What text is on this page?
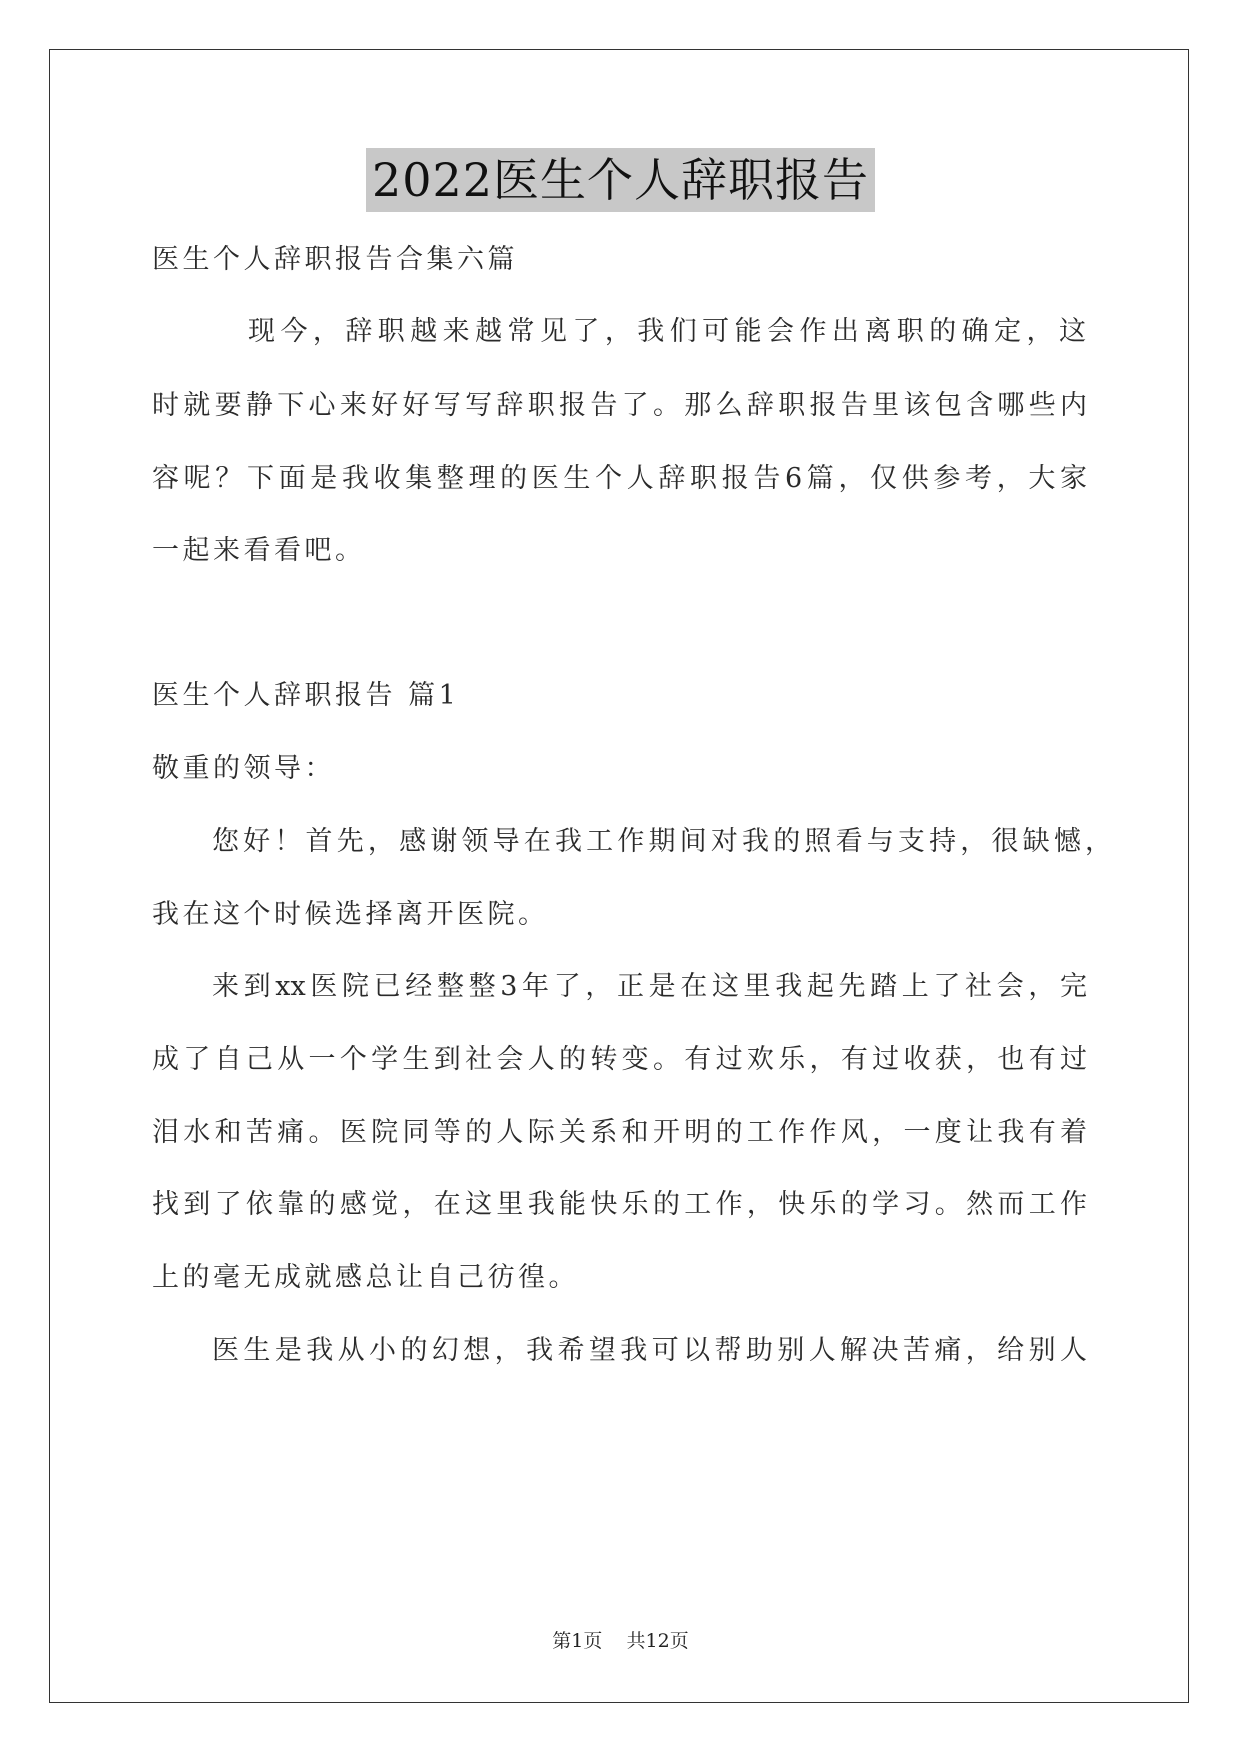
2022医生个人辞职报告
医生个人辞职报告合集六篇
现今，辞职越来越常见了，我们可能会作出离职的确定，这
时就要静下心来好好写写辞职报告了。那么辞职报告里该包含哪些内
容呢？下面是我收集整理的医生个人辞职报告6篇，仅供参考，大家
一起来看看吧。
医生个人辞职报告 篇1
敬重的领导：
您好！首先，感谢领导在我工作期间对我的照看与支持，很缺憾，
我在这个时候选择离开医院。
来到xx医院已经整整3年了，正是在这里我起先踏上了社会，完
成了自己从一个学生到社会人的转变。有过欢乐，有过收获，也有过
泪水和苦痛。医院同等的人际关系和开明的工作作风，一度让我有着
找到了依靠的感觉，在这里我能快乐的工作，快乐的学习。然而工作
上的毫无成就感总让自己彷徨。
医生是我从小的幻想，我希望我可以帮助别人解决苦痛，给别人
第1页    共12页
